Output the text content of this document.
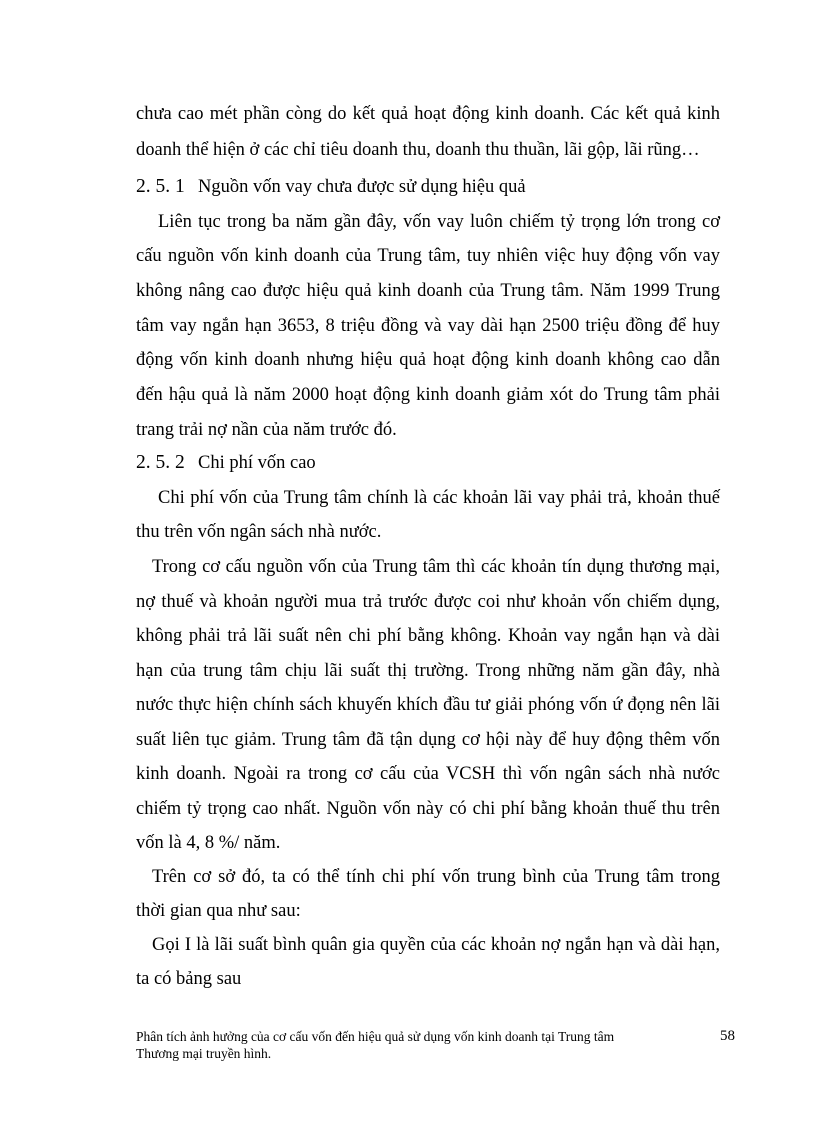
chưa cao mét phần còng do kết quả hoạt động kinh doanh. Các kết quả kinh
doanh thể hiện ở các chỉ tiêu doanh thu, doanh thu thuần, lãi gộp, lãi rũng…
2. 5. 1 Nguồn vốn vay chưa được sử dụng hiệu quả
Liên tục trong ba năm gần đây, vốn vay luôn chiếm tỷ trọng lớn trong cơ
cấu nguồn vốn kinh doanh của Trung tâm, tuy nhiên việc huy động vốn vay
không nâng cao được hiệu quả kinh doanh của Trung tâm. Năm 1999 Trung
tâm vay ngắn hạn 3653, 8 triệu đồng và vay dài hạn 2500 triệu đồng để huy
động vốn kinh doanh nhưng hiệu quả hoạt động kinh doanh không cao dẫn
đến hậu quả là năm 2000 hoạt động kinh doanh giảm xót do Trung tâm phải
trang trải nợ nần của năm trước đó.
2. 5. 2 Chi phí vốn cao
Chi phí vốn của Trung tâm chính là các khoản lãi vay phải trả, khoản thuế
thu trên vốn ngân sách nhà nước.
Trong cơ cấu nguồn vốn của Trung tâm thì các khoản tín dụng thương mại,
nợ thuế và khoản người mua trả trước được coi như khoản vốn chiếm dụng,
không phải trả lãi suất nên chi phí bằng không. Khoản vay ngắn hạn và dài
hạn của trung tâm chịu lãi suất thị trường. Trong những năm gần đây, nhà
nước thực hiện chính sách khuyến khích đầu tư giải phóng vốn ứ đọng nên lãi
suất liên tục giảm. Trung tâm đã tận dụng cơ hội này để huy động thêm vốn
kinh doanh. Ngoài ra trong cơ cấu của VCSH thì vốn ngân sách nhà nước
chiếm tỷ trọng cao nhất. Nguồn vốn này có chi phí bằng khoản thuế thu trên
vốn là 4, 8 %/ năm.
Trên cơ sở đó, ta có thể tính chi phí vốn trung bình của Trung tâm trong
thời gian qua như sau:
Gọi I là lãi suất bình quân gia quyền của các khoản nợ ngắn hạn và dài hạn,
ta có bảng sau
Phân tích ảnh hưởng của cơ cấu vốn đến hiệu quả sử dụng vốn kinh doanh tại Trung tâm
Thương mại truyền hình.
58
